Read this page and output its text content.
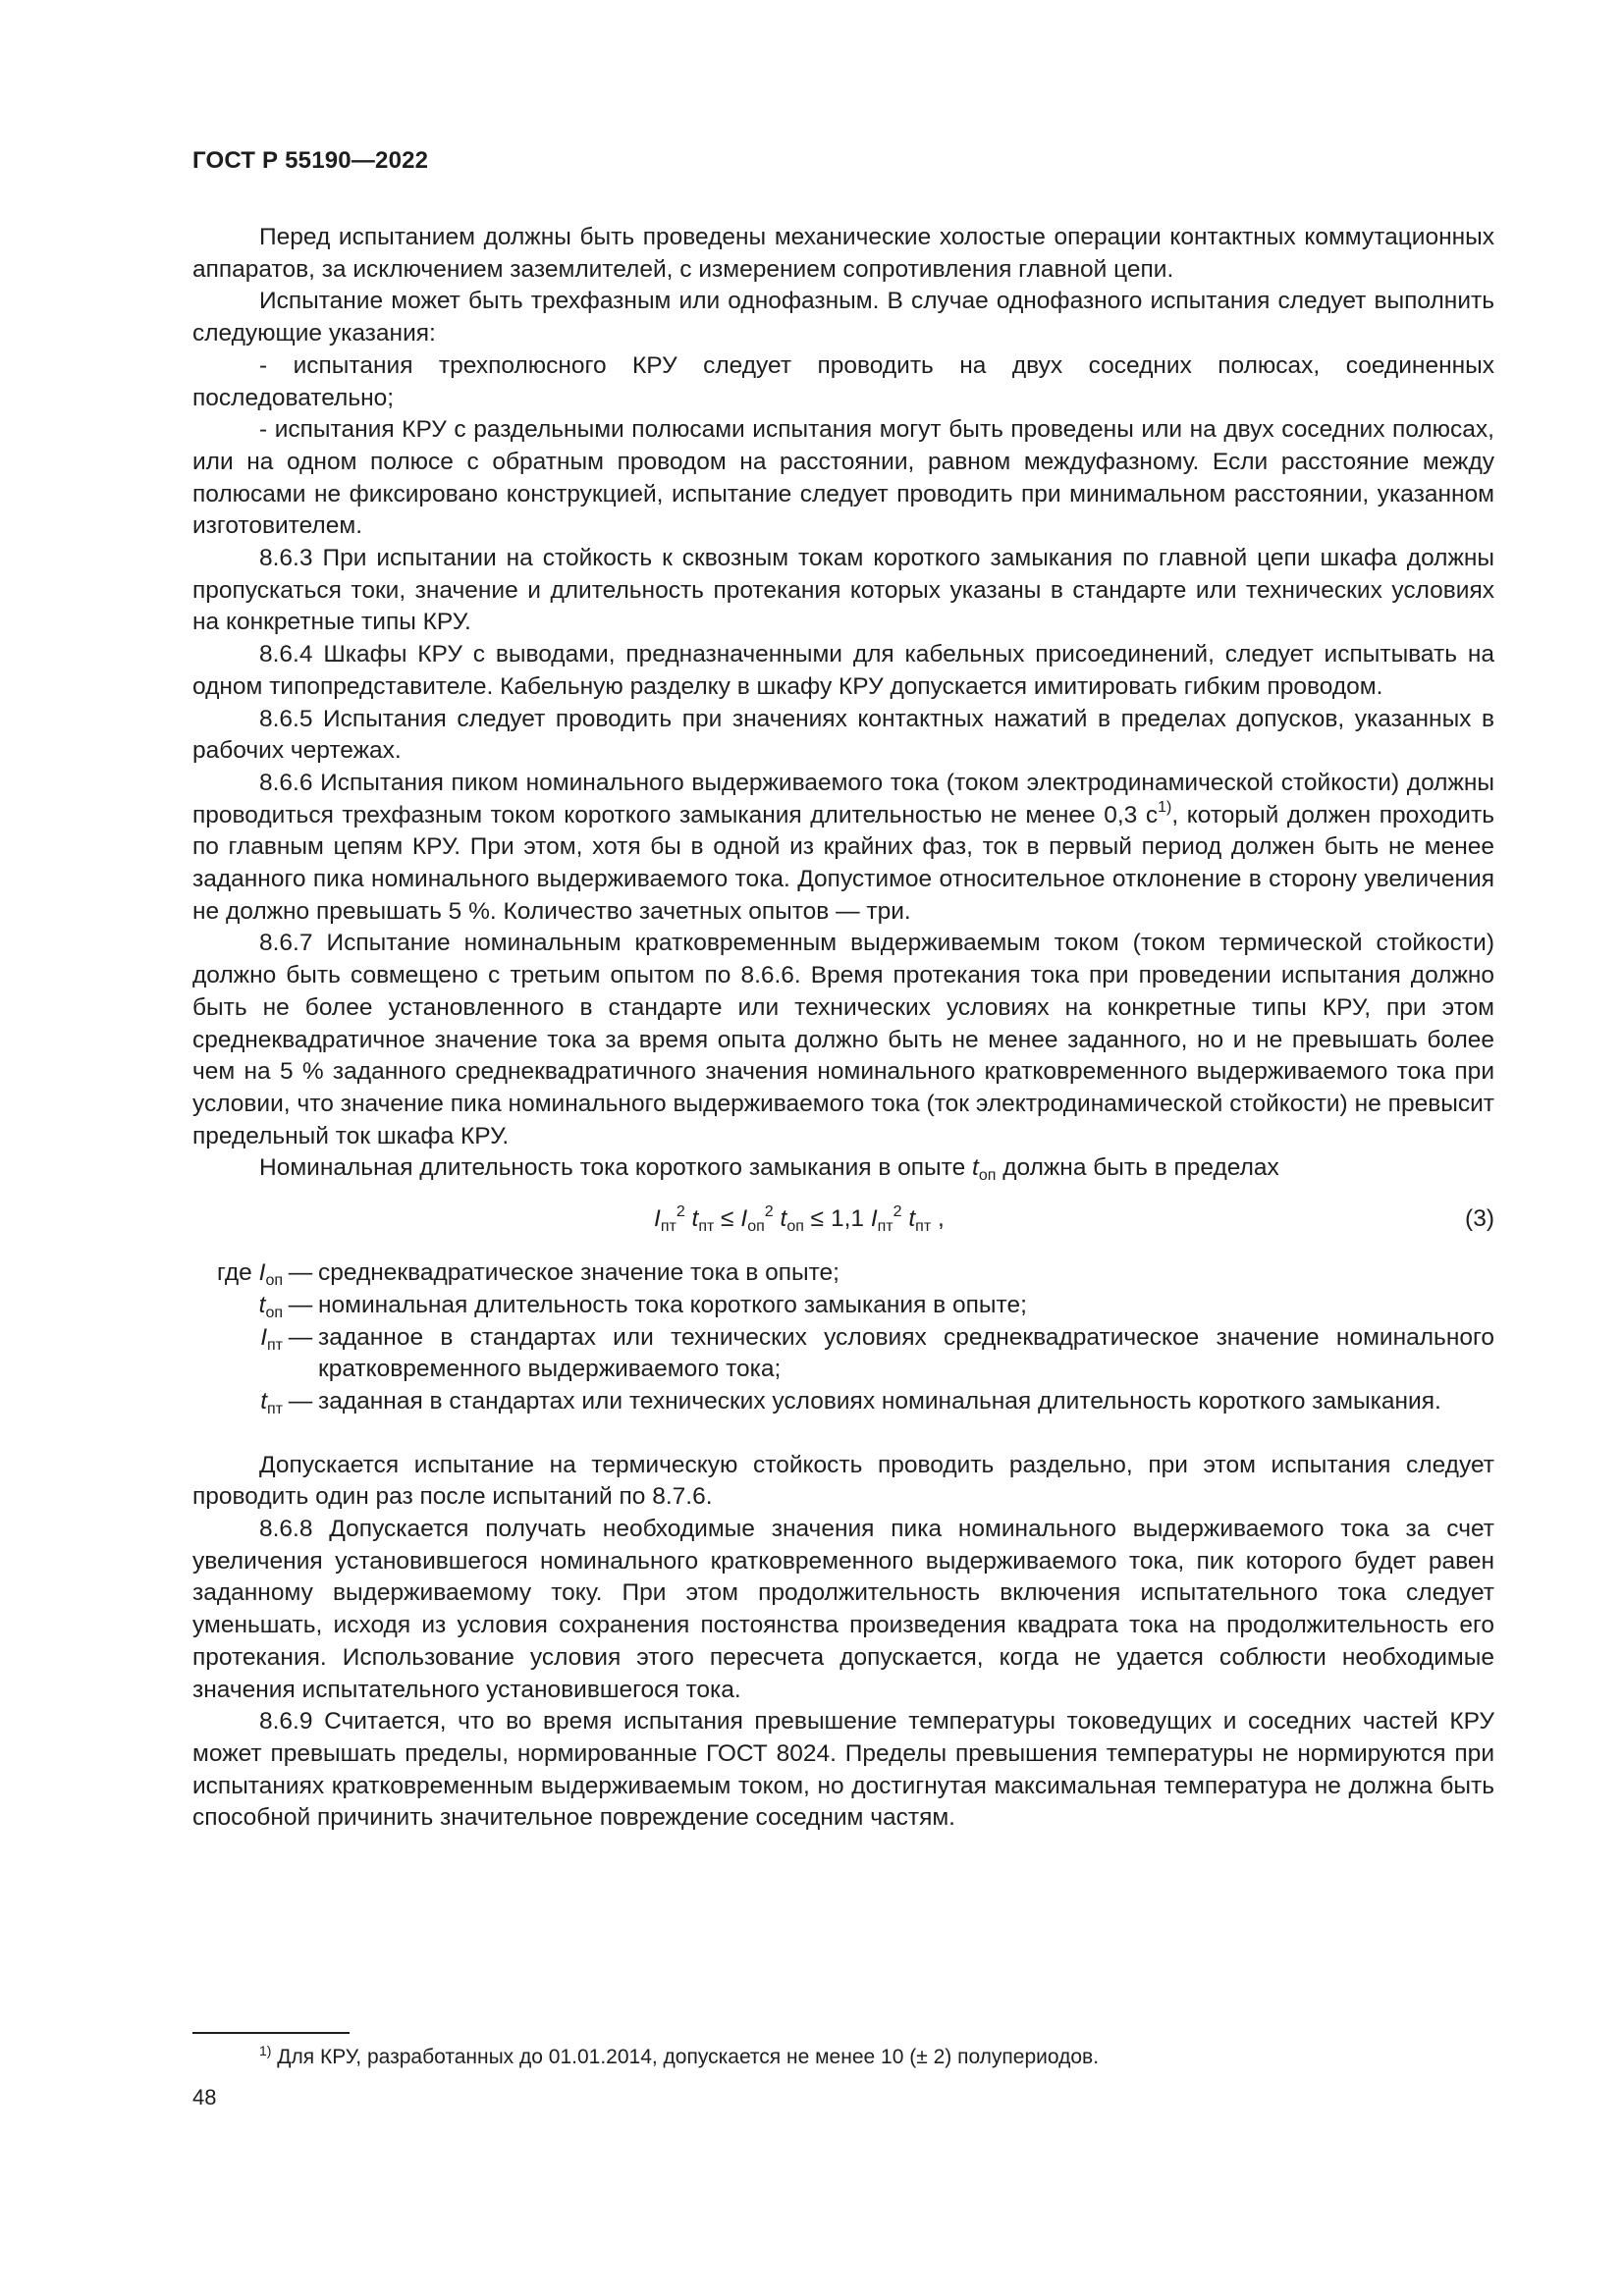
ГОСТ Р 55190—2022

Перед испытанием должны быть проведены механические холостые операции контактных коммутационных аппаратов, за исключением заземлителей, с измерением сопротивления главной цепи.

Испытание может быть трехфазным или однофазным. В случае однофазного испытания следует выполнить следующие указания:

- испытания трехполюсного КРУ следует проводить на двух соседних полюсах, соединенных последовательно;

- испытания КРУ с раздельными полюсами испытания могут быть проведены или на двух соседних полюсах, или на одном полюсе с обратным проводом на расстоянии, равном междуфазному. Если расстояние между полюсами не фиксировано конструкцией, испытание следует проводить при минимальном расстоянии, указанном изготовителем.

8.6.3 При испытании на стойкость к сквозным токам короткого замыкания по главной цепи шкафа должны пропускаться токи, значение и длительность протекания которых указаны в стандарте или технических условиях на конкретные типы КРУ.

8.6.4 Шкафы КРУ с выводами, предназначенными для кабельных присоединений, следует испытывать на одном типопредставителе. Кабельную разделку в шкафу КРУ допускается имитировать гибким проводом.

8.6.5 Испытания следует проводить при значениях контактных нажатий в пределах допусков, указанных в рабочих чертежах.

8.6.6 Испытания пиком номинального выдерживаемого тока (током электродинамической стойкости) должны проводиться трехфазным током короткого замыкания длительностью не менее 0,3 с$^{1)}$, который должен проходить по главным цепям КРУ. При этом, хотя бы в одной из крайних фаз, ток в первый период должен быть не менее заданного пика номинального выдерживаемого тока. Допустимое относительное отклонение в сторону увеличения не должно превышать 5 %. Количество зачетных опытов — три.

8.6.7 Испытание номинальным кратковременным выдерживаемым током (током термической стойкости) должно быть совмещено с третьим опытом по 8.6.6. Время протекания тока при проведении испытания должно быть не более установленного в стандарте или технических условиях на конкретные типы КРУ, при этом среднеквадратичное значение тока за время опыта должно быть не менее заданного, но и не превышать более чем на 5 % заданного среднеквадратичного значения номинального кратковременного выдерживаемого тока при условии, что значение пика номинального выдерживаемого тока (ток электродинамической стойкости) не превысит предельный ток шкафа КРУ.

Номинальная длительность тока короткого замыкания в опыте $t_{оп}$ должна быть в пределах

$I_{пт}^2$ $t_{пт} \le I_{оп}^2$ $t_{оп} \le 1,1$ $I_{пт}^2$ $t_{пт}$ ,	(3)
где $I_{оп}$ — среднеквадратическое значение тока в опыте;
$t_{оп}$ — номинальная длительность тока короткого замыкания в опыте;
$I_{пт}$ — заданное в стандартах или технических условиях среднеквадратическое значение номинального кратковременного выдерживаемого тока;
$t_{пт}$ — заданная в стандартах или технических условиях номинальная длительность короткого замыкания.

Допускается испытание на термическую стойкость проводить раздельно, при этом испытания следует проводить один раз после испытаний по 8.7.6.

8.6.8 Допускается получать необходимые значения пика номинального выдерживаемого тока за счет увеличения установившегося номинального кратковременного выдерживаемого тока, пик которого будет равен заданному выдерживаемому току. При этом продолжительность включения испытательного тока следует уменьшать, исходя из условия сохранения постоянства произведения квадрата тока на продолжительность его протекания. Использование условия этого пересчета допускается, когда не удается соблюсти необходимые значения испытательного установившегося тока.

8.6.9 Считается, что во время испытания превышение температуры токоведущих и соседних частей КРУ может превышать пределы, нормированные ГОСТ 8024. Пределы превышения температуры не нормируются при испытаниях кратковременным выдерживаемым током, но достигнутая максимальная температура не должна быть способной причинить значительное повреждение соседним частям.

$^{1)}$ Для КРУ, разработанных до 01.01.2014, допускается не менее 10 (± 2) полупериодов.
48
